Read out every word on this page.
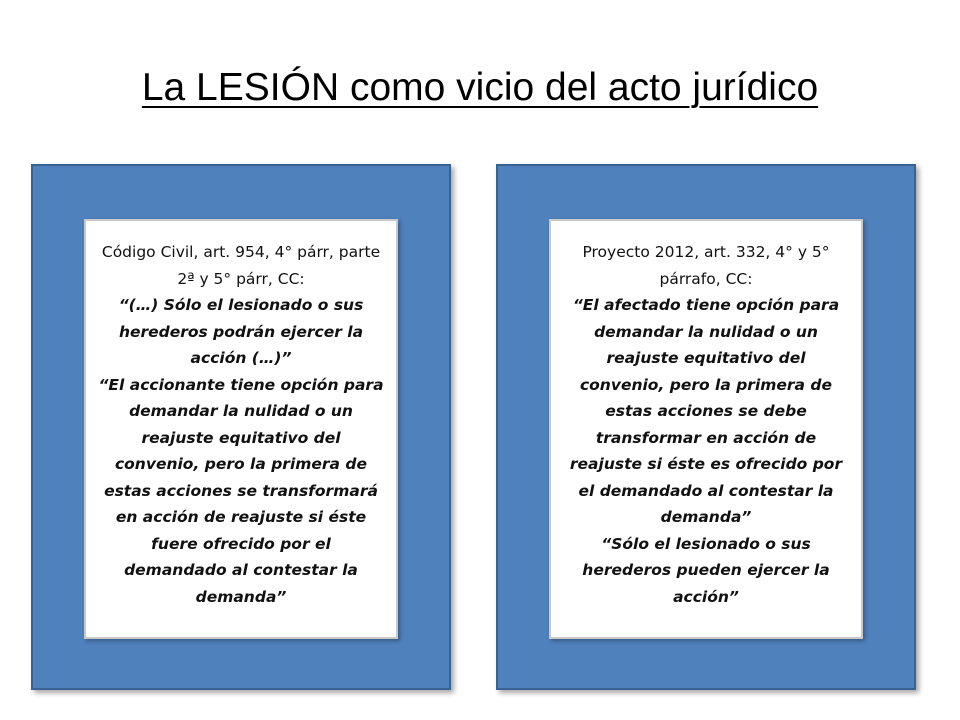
La LESIÓN como vicio del acto jurídico
Código Civil, art. 954, 4° párr, parte 2ª y 5° párr, CC:
“(…) Sólo el lesionado o sus herederos podrán ejercer la acción (…)”
“El accionante tiene opción para demandar la nulidad o un reajuste equitativo del convenio, pero la primera de estas acciones se transformará en acción de reajuste si éste fuere ofrecido por el demandado al contestar la demanda”
Proyecto 2012, art. 332, 4° y 5° párrafo, CC:
“El afectado tiene opción para demandar la nulidad o un reajuste equitativo del convenio, pero la primera de estas acciones se debe transformar en acción de reajuste si éste es ofrecido por el demandado al contestar la demanda”
“Sólo el lesionado o sus herederos pueden ejercer la acción”
